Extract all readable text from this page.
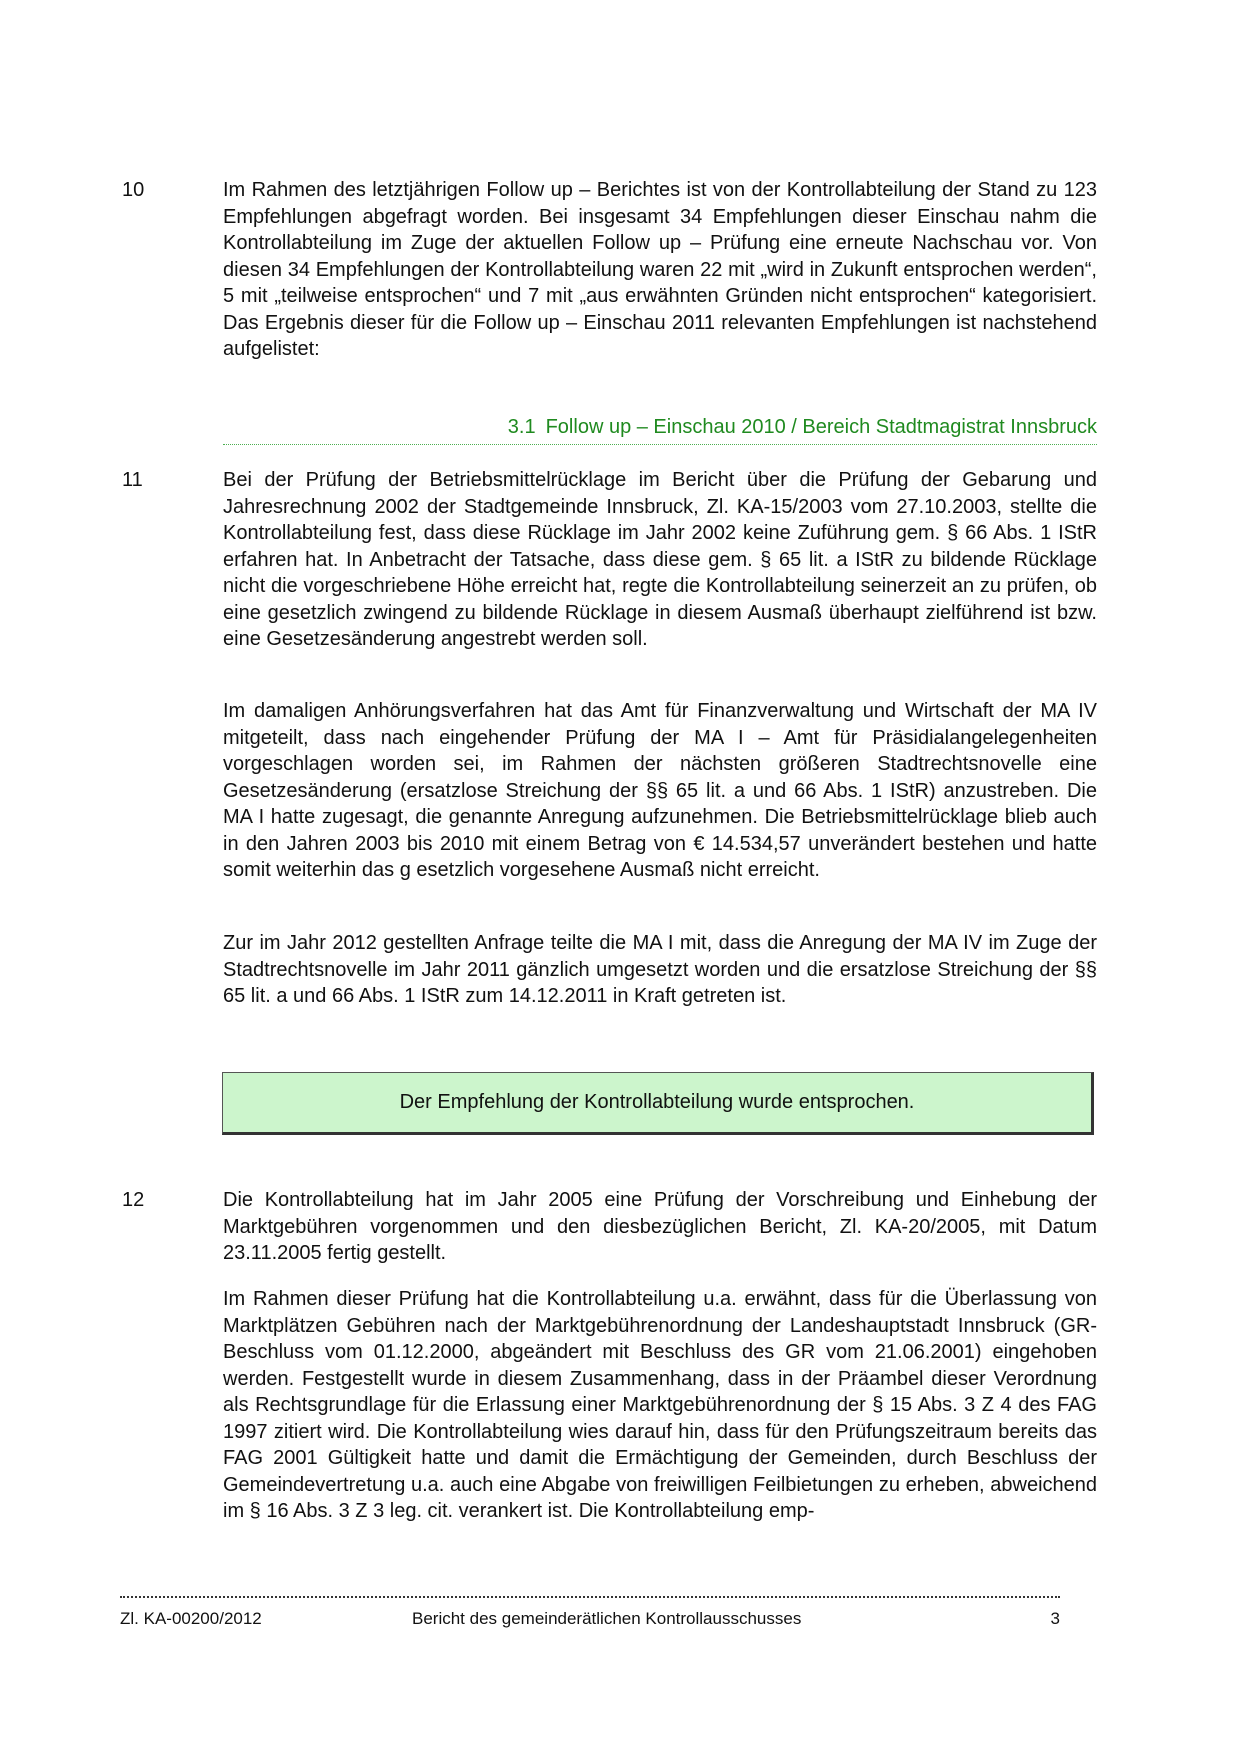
10	Im Rahmen des letztjährigen Follow up – Berichtes ist von der Kontrollabteilung der Stand zu 123 Empfehlungen abgefragt worden. Bei insgesamt 34 Empfehlungen dieser Einschau nahm die Kontrollabteilung im Zuge der aktuellen Follow up – Prüfung eine erneute Nachschau vor. Von diesen 34 Empfehlungen der Kontrollabteilung waren 22 mit „wird in Zukunft entsprochen werden“, 5 mit „teilweise entsprochen“ und 7 mit „aus erwähnten Gründen nicht entsprochen“ kategorisiert. Das Ergebnis dieser für die Follow up – Einschau 2011 relevanten Empfehlungen ist nachstehend aufgelistet:

3.1 Follow up – Einschau 2010 / Bereich Stadtmagistrat Innsbruck
11	Bei der Prüfung der Betriebsmittelrücklage im Bericht über die Prüfung der Gebarung und Jahresrechnung 2002 der Stadtgemeinde Innsbruck, Zl. KA-15/2003 vom 27.10.2003, stellte die Kontrollabteilung fest, dass diese Rücklage im Jahr 2002 keine Zuführung gem. § 66 Abs. 1 IStR erfahren hat. In Anbetracht der Tatsache, dass diese gem. § 65 lit. a IStR zu bildende Rücklage nicht die vorgeschriebene Höhe erreicht hat, regte die Kontrollabteilung seinerzeit an zu prüfen, ob eine gesetzlich zwingend zu bildende Rücklage in diesem Ausmaß überhaupt zielführend ist bzw. eine Gesetzesänderung angestrebt werden soll.

Im damaligen Anhörungsverfahren hat das Amt für Finanzverwaltung und Wirtschaft der MA IV mitgeteilt, dass nach eingehender Prüfung der MA I – Amt für Präsidialangelegenheiten vorgeschlagen worden sei, im Rahmen der nächsten größeren Stadtrechtsnovelle eine Gesetzesänderung (ersatzlose Streichung der §§ 65 lit. a und 66 Abs. 1 IStR) anzustreben. Die MA I hatte zugesagt, die genannte Anregung aufzunehmen. Die Betriebsmittelrücklage blieb auch in den Jahren 2003 bis 2010 mit einem Betrag von € 14.534,57 unverändert bestehen und hatte somit weiterhin das g esetzlich vorgesehene Ausmaß nicht erreicht.

Zur im Jahr 2012 gestellten Anfrage teilte die MA I mit, dass die Anregung der MA IV im Zuge der Stadtrechtsnovelle im Jahr 2011 gänzlich umgesetzt worden und die ersatzlose Streichung der §§ 65 lit. a und 66 Abs. 1 IStR zum 14.12.2011 in Kraft getreten ist.

Der Empfehlung der Kontrollabteilung wurde entsprochen.
12	Die Kontrollabteilung hat im Jahr 2005 eine Prüfung der Vorschreibung und Einhebung der Marktgebühren vorgenommen und den diesbezüglichen Bericht, Zl. KA-20/2005, mit Datum 23.11.2005 fertig gestellt.

Im Rahmen dieser Prüfung hat die Kontrollabteilung u.a. erwähnt, dass für die Überlassung von Marktplätzen Gebühren nach der Marktgebührenordnung der Landeshauptstadt Innsbruck (GR-Beschluss vom 01.12.2000, abgeändert mit Beschluss des GR vom 21.06.2001) eingehoben werden. Festgestellt wurde in diesem Zusammenhang, dass in der Präambel dieser Verordnung als Rechtsgrundlage für die Erlassung einer Marktgebührenordnung der § 15 Abs. 3 Z 4 des FAG 1997 zitiert wird. Die Kontrollabteilung wies darauf hin, dass für den Prüfungszeitraum bereits das FAG 2001 Gültigkeit hatte und damit die Ermächtigung der Gemeinden, durch Beschluss der Gemeindevertretung u.a. auch eine Abgabe von freiwilligen Feilbietungen zu erheben, abweichend im § 16 Abs. 3 Z 3 leg. cit. verankert ist. Die Kontrollabteilung emp-

Zl. KA-00200/2012	Bericht des gemeinderätlichen Kontrollausschusses	3
